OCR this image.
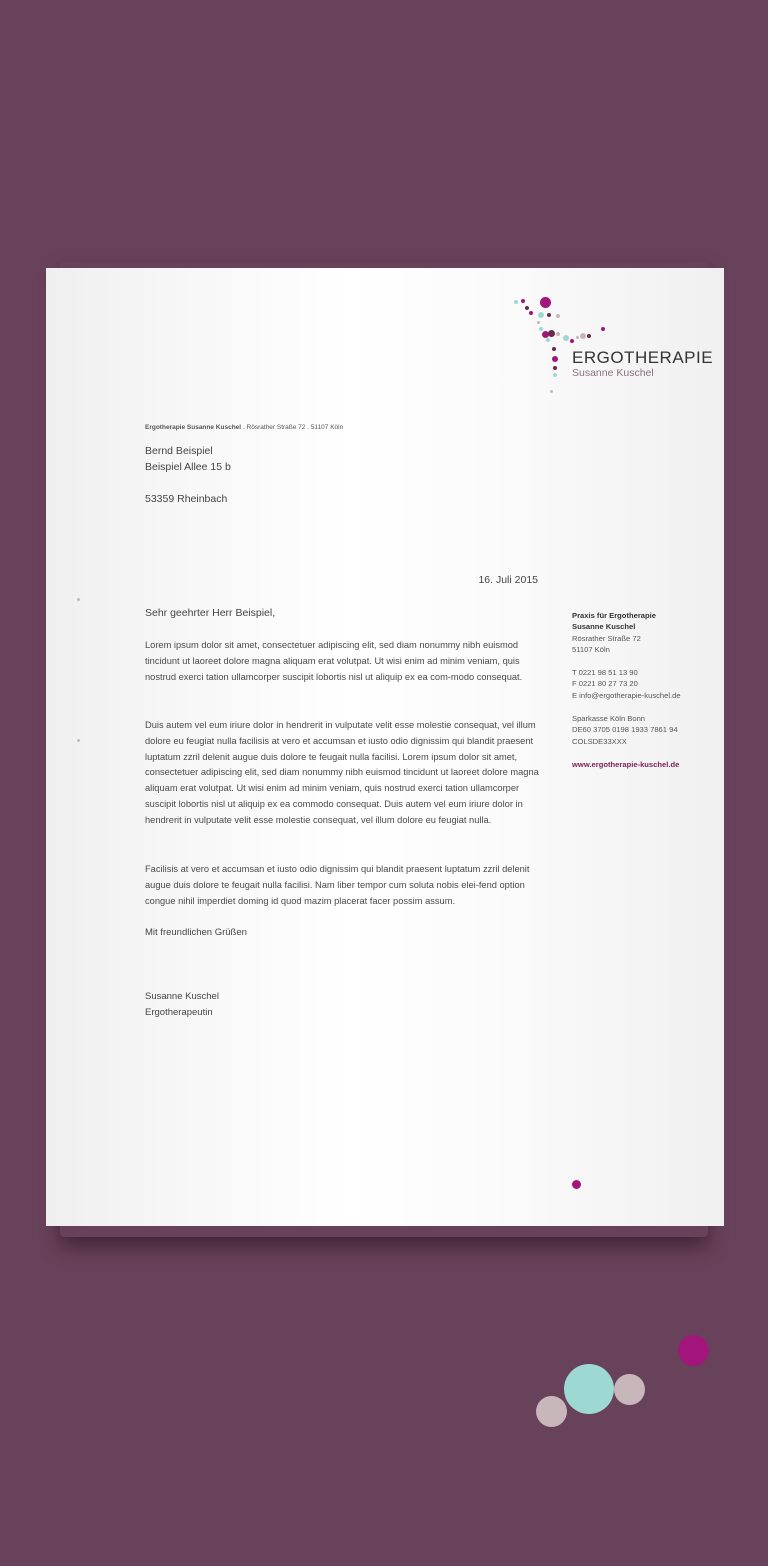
ERGOTHERAPIE
Susanne Kuschel
Ergotherapie Susanne Kuschel . Rösrather Straße 72 . 51107 Köln
Bernd Beispiel
Beispiel Allee 15 b
53359 Rheinbach
16. Juli 2015
Sehr geehrter Herr Beispiel,
Lorem ipsum dolor sit amet, consectetuer adipiscing elit, sed diam nonummy nibh euismod tincidunt ut laoreet dolore magna aliquam erat volutpat. Ut wisi enim ad minim veniam, quis nostrud exerci tation ullamcorper suscipit lobortis nisl ut aliquip ex ea com-modo consequat.
Duis autem vel eum iriure dolor in hendrerit in vulputate velit esse molestie consequat, vel illum dolore eu feugiat nulla facilisis at vero et accumsan et iusto odio dignissim qui blandit praesent luptatum zzril delenit augue duis dolore te feugait nulla facilisi. Lorem ipsum dolor sit amet, consectetuer adipiscing elit, sed diam nonummy nibh euismod tincidunt ut laoreet dolore magna aliquam erat volutpat. Ut wisi enim ad minim veniam, quis nostrud exerci tation ullamcorper suscipit lobortis nisl ut aliquip ex ea commodo consequat. Duis autem vel eum iriure dolor in hendrerit in vulputate velit esse molestie consequat, vel illum dolore eu feugiat nulla.
Facilisis at vero et accumsan et iusto odio dignissim qui blandit praesent luptatum zzril delenit augue duis dolore te feugait nulla facilisi. Nam liber tempor cum soluta nobis elei-fend option congue nihil imperdiet doming id quod mazim placerat facer possim assum.
Mit freundlichen Grüßen
Susanne Kuschel
Ergotherapeutin
Praxis für Ergotherapie
Susanne Kuschel
Rösrather Straße 72
51107 Köln
T 0221 98 51 13 90
F 0221 80 27 73 20
E info@ergotherapie-kuschel.de
Sparkasse Köln Bonn
DE60 3705 0198 1933 7861 94
COLSDE33XXX
www.ergotherapie-kuschel.de
